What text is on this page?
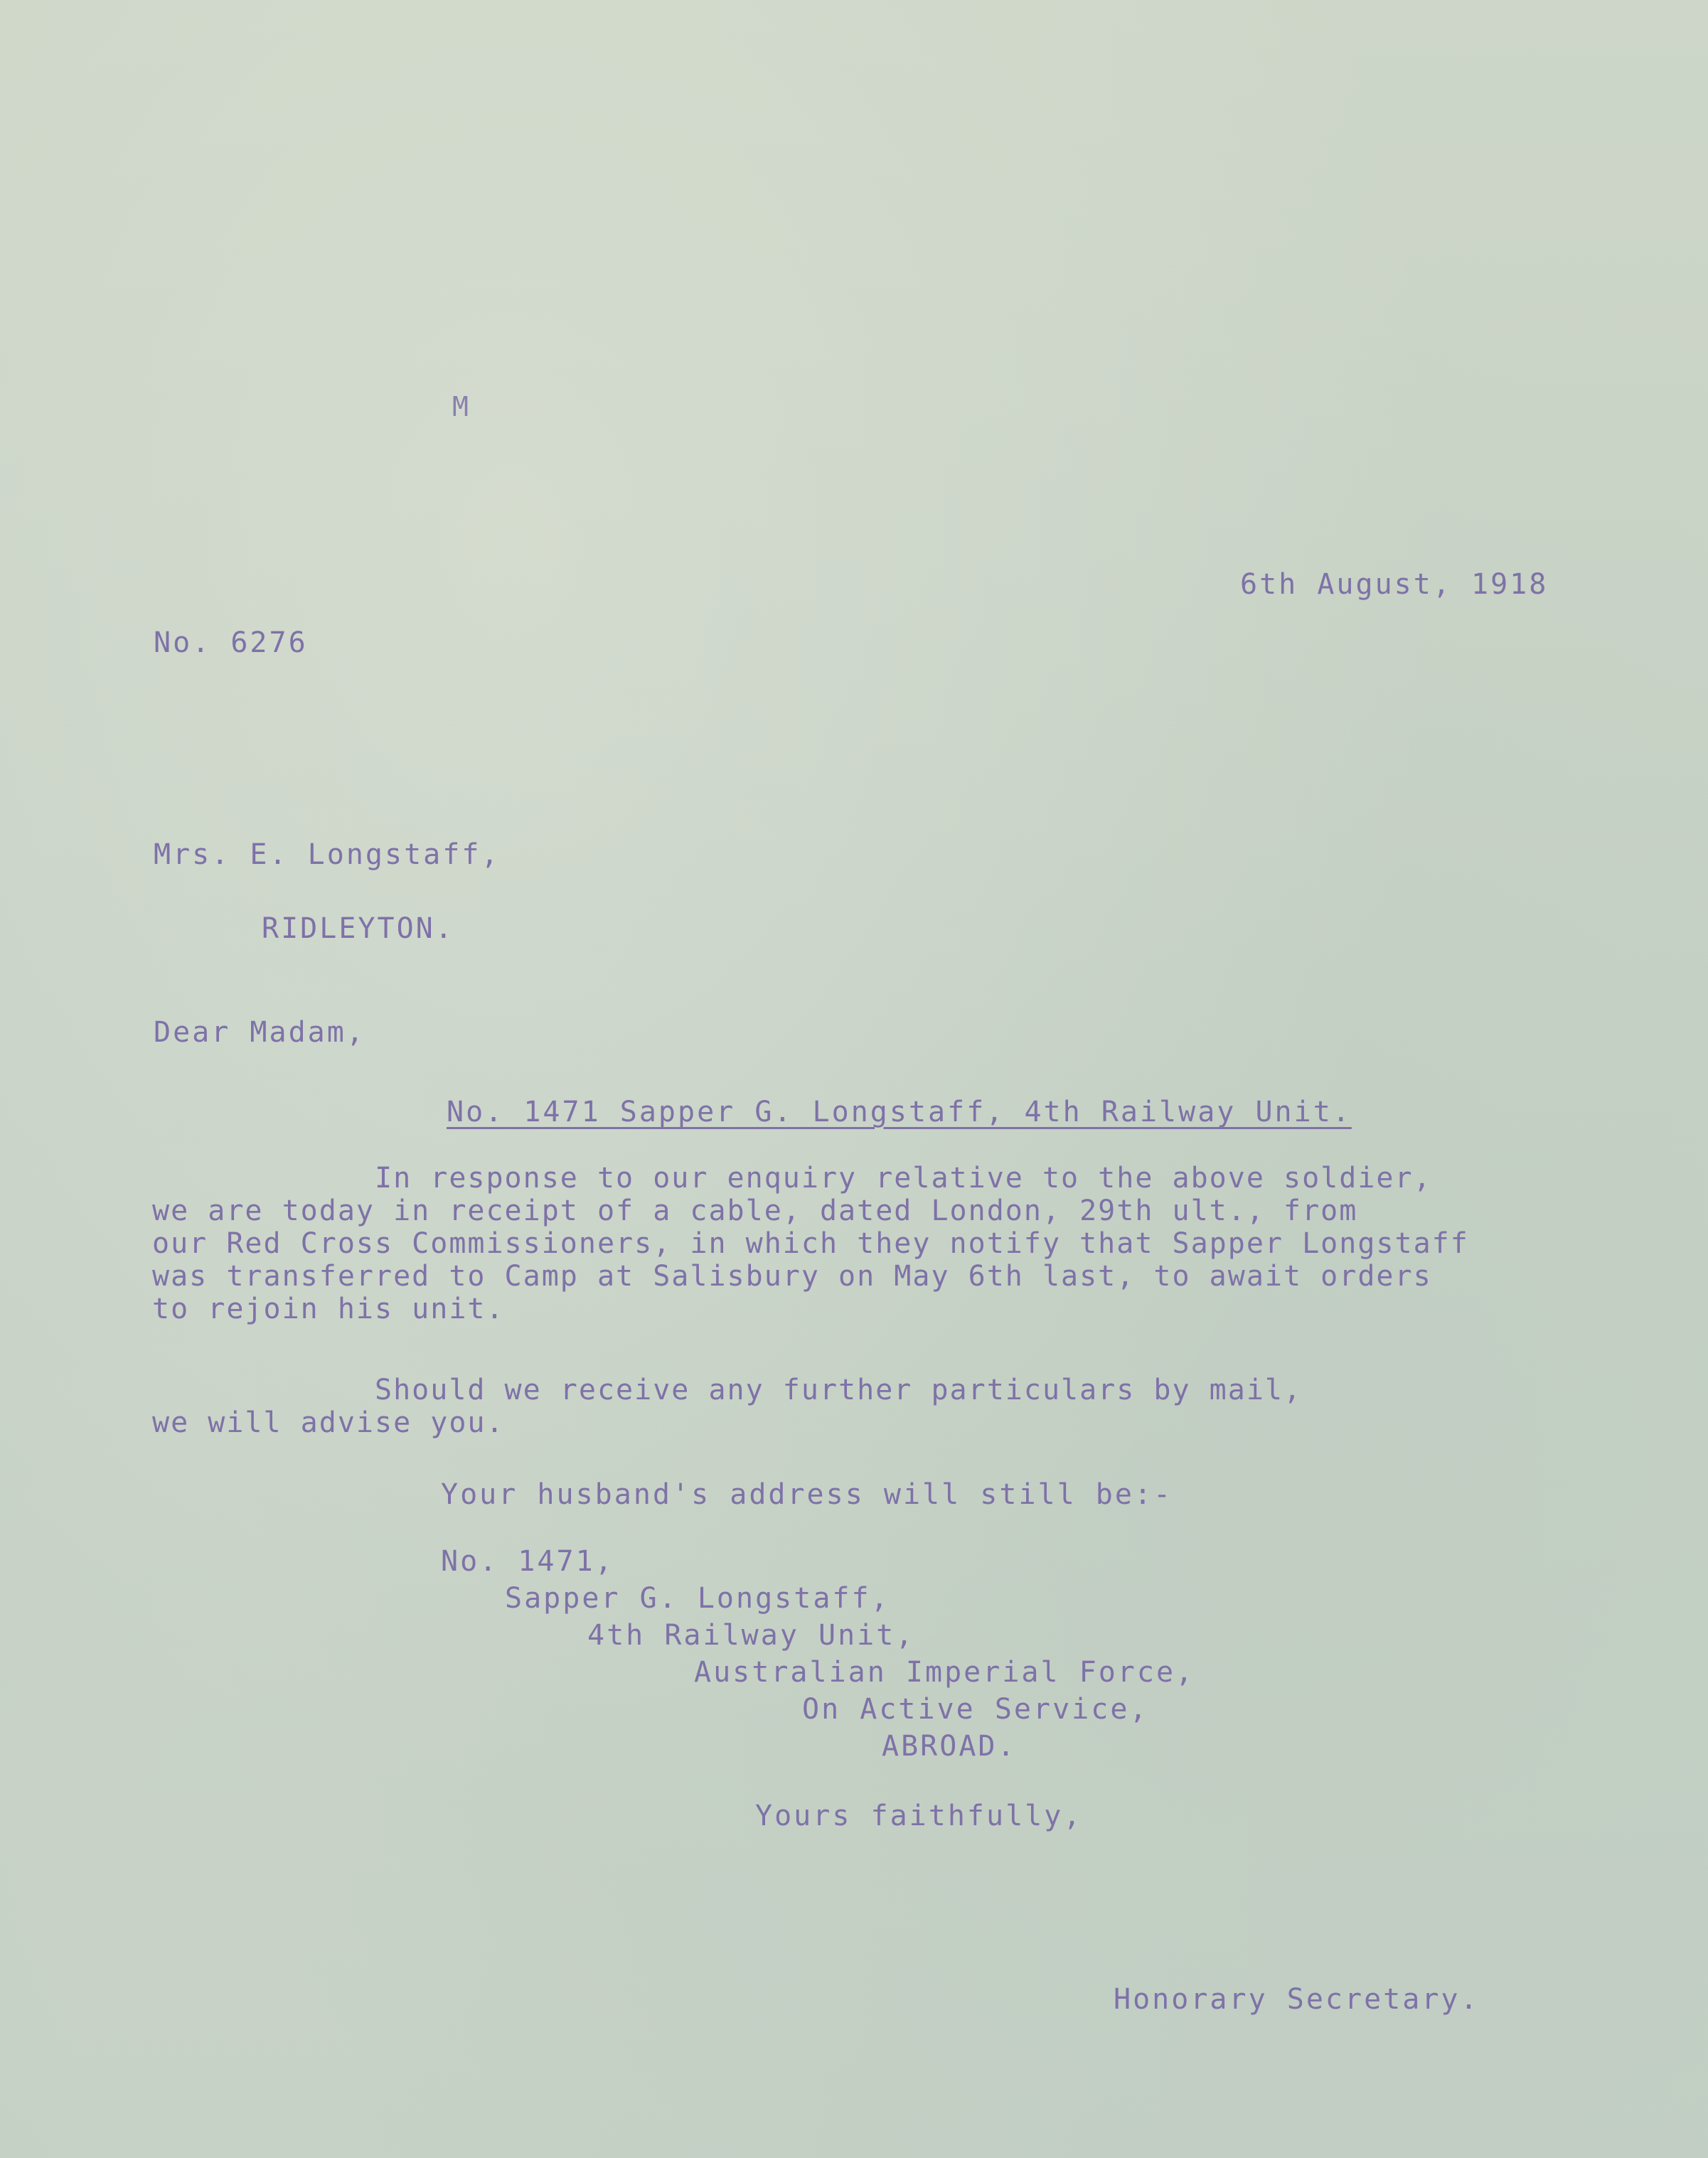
M
6th August, 1918
No. 6276
Mrs. E. Longstaff,
RIDLEYTON.
Dear Madam,
No. 1471 Sapper G. Longstaff, 4th Railway Unit.
In response to our enquiry relative to the above soldier,
we are today in receipt of a cable, dated London, 29th ult., from
our Red Cross Commissioners, in which they notify that Sapper Longstaff
was transferred to Camp at Salisbury on May 6th last, to await orders
to rejoin his unit.
Should we receive any further particulars by mail,
we will advise you.
Your husband's address will still be:-
No. 1471,
Sapper G. Longstaff,
4th Railway Unit,
Australian Imperial Force,
On Active Service,
ABROAD.
Yours faithfully,
Honorary Secretary.
